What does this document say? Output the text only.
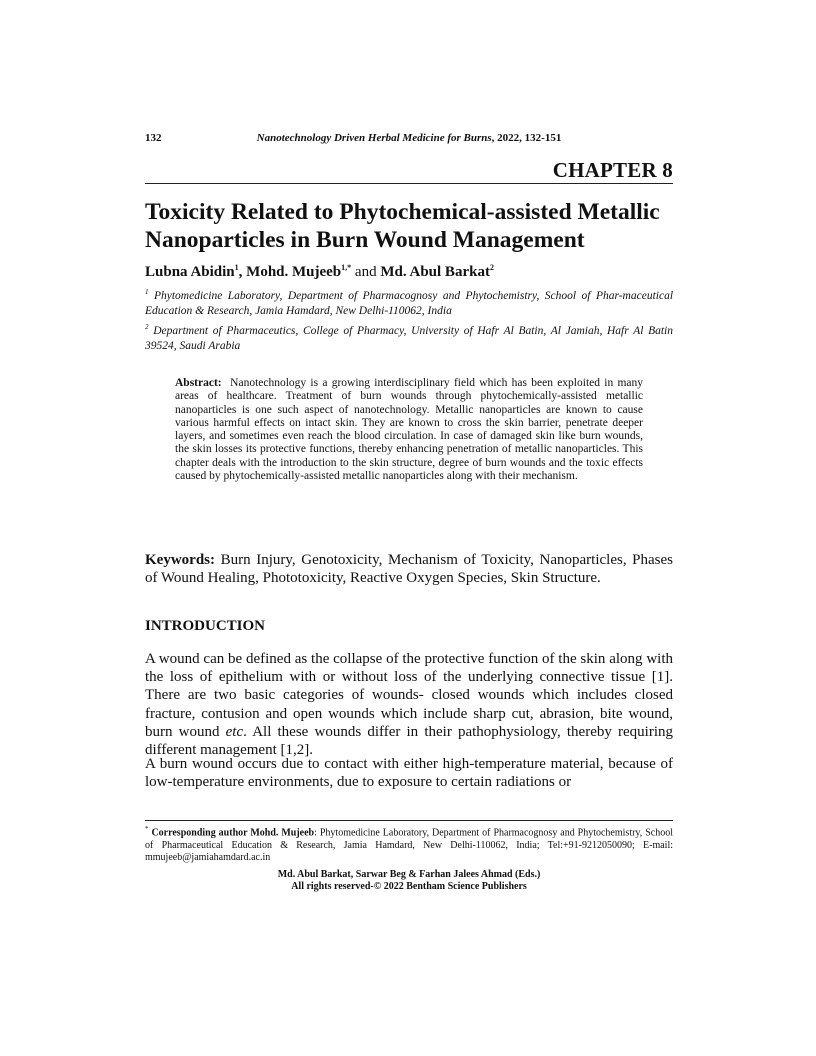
132	Nanotechnology Driven Herbal Medicine for Burns, 2022, 132-151
CHAPTER 8
Toxicity Related to Phytochemical-assisted Metallic Nanoparticles in Burn Wound Management
Lubna Abidin$^1$, Mohd. Mujeeb$^{1,*}$ and Md. Abul Barkat$^2$
$^1$ Phytomedicine Laboratory, Department of Pharmacognosy and Phytochemistry, School of Phar-maceutical Education & Research, Jamia Hamdard, New Delhi-110062, India
$^2$ Department of Pharmaceutics, College of Pharmacy, University of Hafr Al Batin, Al Jamiah, Hafr Al Batin 39524, Saudi Arabia
Abstract: Nanotechnology is a growing interdisciplinary field which has been exploited in many areas of healthcare. Treatment of burn wounds through phytochemically-assisted metallic nanoparticles is one such aspect of nanotechnology. Metallic nanoparticles are known to cause various harmful effects on intact skin. They are known to cross the skin barrier, penetrate deeper layers, and sometimes even reach the blood circulation. In case of damaged skin like burn wounds, the skin losses its protective functions, thereby enhancing penetration of metallic nanoparticles. This chapter deals with the introduction to the skin structure, degree of burn wounds and the toxic effects caused by phytochemically-assisted metallic nanoparticles along with their mechanism.
Keywords: Burn Injury, Genotoxicity, Mechanism of Toxicity, Nanoparticles, Phases of Wound Healing, Phototoxicity, Reactive Oxygen Species, Skin Structure.
INTRODUCTION
A wound can be defined as the collapse of the protective function of the skin along with the loss of epithelium with or without loss of the underlying connective tissue [1]. There are two basic categories of wounds- closed wounds which includes closed fracture, contusion and open wounds which include sharp cut, abrasion, bite wound, burn wound etc. All these wounds differ in their pathophysiology, thereby requiring different management [1,2].
A burn wound occurs due to contact with either high-temperature material, because of low-temperature environments, due to exposure to certain radiations or
* Corresponding author Mohd. Mujeeb: Phytomedicine Laboratory, Department of Pharmacognosy and Phytochemistry, School of Pharmaceutical Education & Research, Jamia Hamdard, New Delhi-110062, India; Tel:+91-9212050090; E-mail: mmujeeb@jamiahamdard.ac.in
Md. Abul Barkat, Sarwar Beg & Farhan Jalees Ahmad (Eds.)
All rights reserved-© 2022 Bentham Science Publishers
